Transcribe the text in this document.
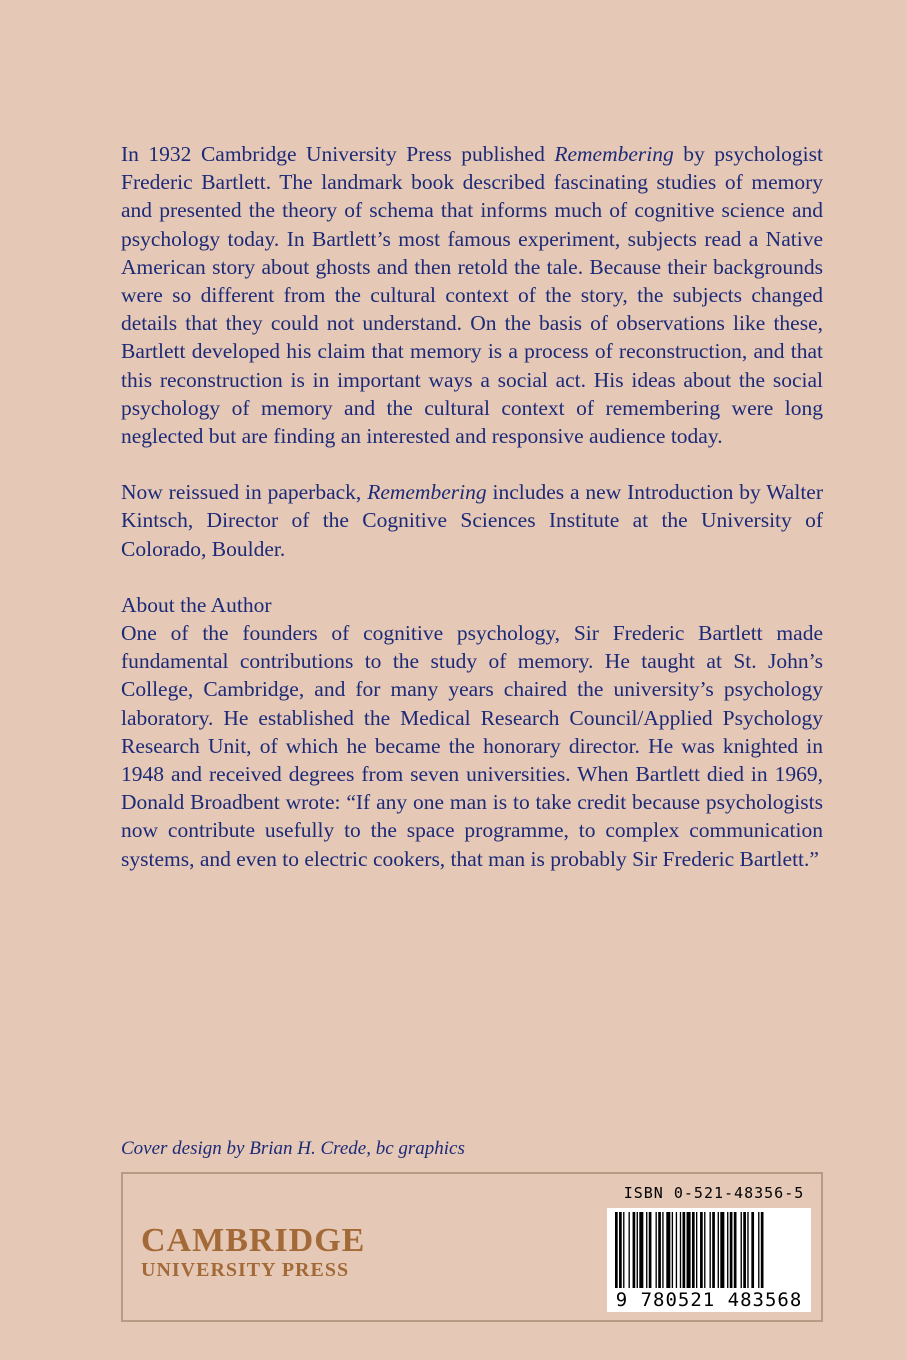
In 1932 Cambridge University Press published Remembering by psychologist Frederic Bartlett. The landmark book described fascinating studies of memory and presented the theory of schema that informs much of cognitive science and psychology today. In Bartlett’s most famous experiment, subjects read a Native American story about ghosts and then retold the tale. Because their backgrounds were so different from the cultural context of the story, the subjects changed details that they could not understand. On the basis of observations like these, Bartlett developed his claim that memory is a process of reconstruction, and that this reconstruction is in important ways a social act. His ideas about the social psychology of memory and the cultural context of remembering were long neglected but are finding an interested and responsive audience today.

Now reissued in paperback, Remembering includes a new Introduction by Walter Kintsch, Director of the Cognitive Sciences Institute at the University of Colorado, Boulder.

About the Author
One of the founders of cognitive psychology, Sir Frederic Bartlett made fundamental contributions to the study of memory. He taught at St. John’s College, Cambridge, and for many years chaired the university’s psychology laboratory. He established the Medical Research Council/Applied Psychology Research Unit, of which he became the honorary director. He was knighted in 1948 and received degrees from seven universities. When Bartlett died in 1969, Donald Broadbent wrote: “If any one man is to take credit because psychologists now contribute usefully to the space programme, to complex communication systems, and even to electric cookers, that man is probably Sir Frederic Bartlett.”

Cover design by Brian H. Crede, bc graphics
CAMBRIDGE
UNIVERSITY PRESS
ISBN 0-521-48356-5
9 780521 483568
